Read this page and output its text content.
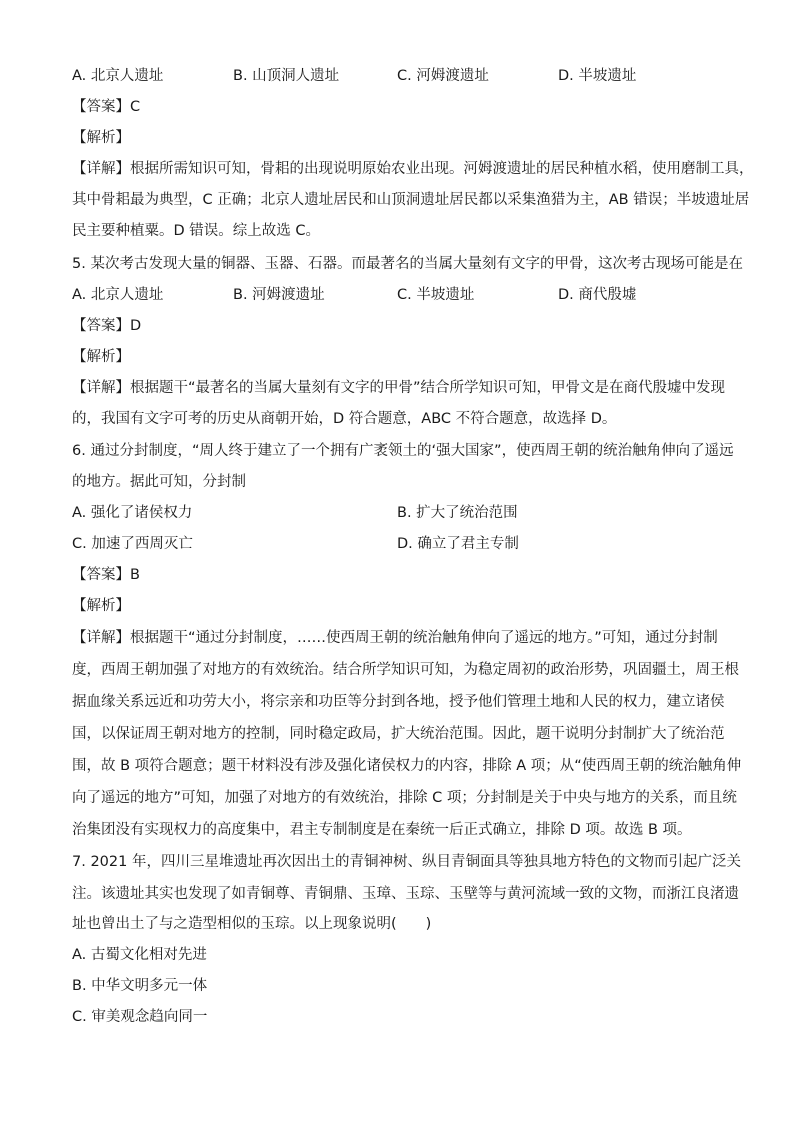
A. 北京人遗址	B. 山顶洞人遗址	C. 河姆渡遗址	D. 半坡遗址
【答案】C
【解析】
【详解】根据所需知识可知，骨耜的出现说明原始农业出现。河姆渡遗址的居民种植水稻，使用磨制工具，
其中骨耜最为典型，C 正确；北京人遗址居民和山顶洞遗址居民都以采集渔猎为主，AB 错误；半坡遗址居
民主要种植粟。D 错误。综上故选 C。
5. 某次考古发现大量的铜器、玉器、石器。而最著名的当属大量刻有文字的甲骨，这次考古现场可能是在
A. 北京人遗址	B. 河姆渡遗址	C. 半坡遗址	D. 商代殷墟
【答案】D
【解析】
【详解】根据题干“最著名的当属大量刻有文字的甲骨”结合所学知识可知，甲骨文是在商代殷墟中发现
的，我国有文字可考的历史从商朝开始，D 符合题意，ABC 不符合题意，故选择 D。
6. 通过分封制度，“周人终于建立了一个拥有广袤领土的‘强大国家”，使西周王朝的统治触角伸向了遥远
的地方。据此可知，分封制
A. 强化了诸侯权力	B. 扩大了统治范围
C. 加速了西周灭亡	D. 确立了君主专制
【答案】B
【解析】
【详解】根据题干“通过分封制度，……使西周王朝的统治触角伸向了遥远的地方。”可知，通过分封制
度，西周王朝加强了对地方的有效统治。结合所学知识可知，为稳定周初的政治形势，巩固疆土，周王根
据血缘关系远近和功劳大小，将宗亲和功臣等分封到各地，授予他们管理土地和人民的权力，建立诸侯
国，以保证周王朝对地方的控制，同时稳定政局，扩大统治范围。因此，题干说明分封制扩大了统治范
围，故 B 项符合题意；题干材料没有涉及强化诸侯权力的内容，排除 A 项；从“使西周王朝的统治触角伸
向了遥远的地方”可知，加强了对地方的有效统治，排除 C 项；分封制是关于中央与地方的关系，而且统
治集团没有实现权力的高度集中，君主专制制度是在秦统一后正式确立，排除 D 项。故选 B 项。
7. 2021 年，四川三星堆遗址再次因出土的青铜神树、纵目青铜面具等独具地方特色的文物而引起广泛关
注。该遗址其实也发现了如青铜尊、青铜鼎、玉璋、玉琮、玉壁等与黄河流域一致的文物，而浙江良渚遗
址也曾出土了与之造型相似的玉琮。以上现象说明(　　)
A. 古蜀文化相对先进
B. 中华文明多元一体
C. 审美观念趋向同一
